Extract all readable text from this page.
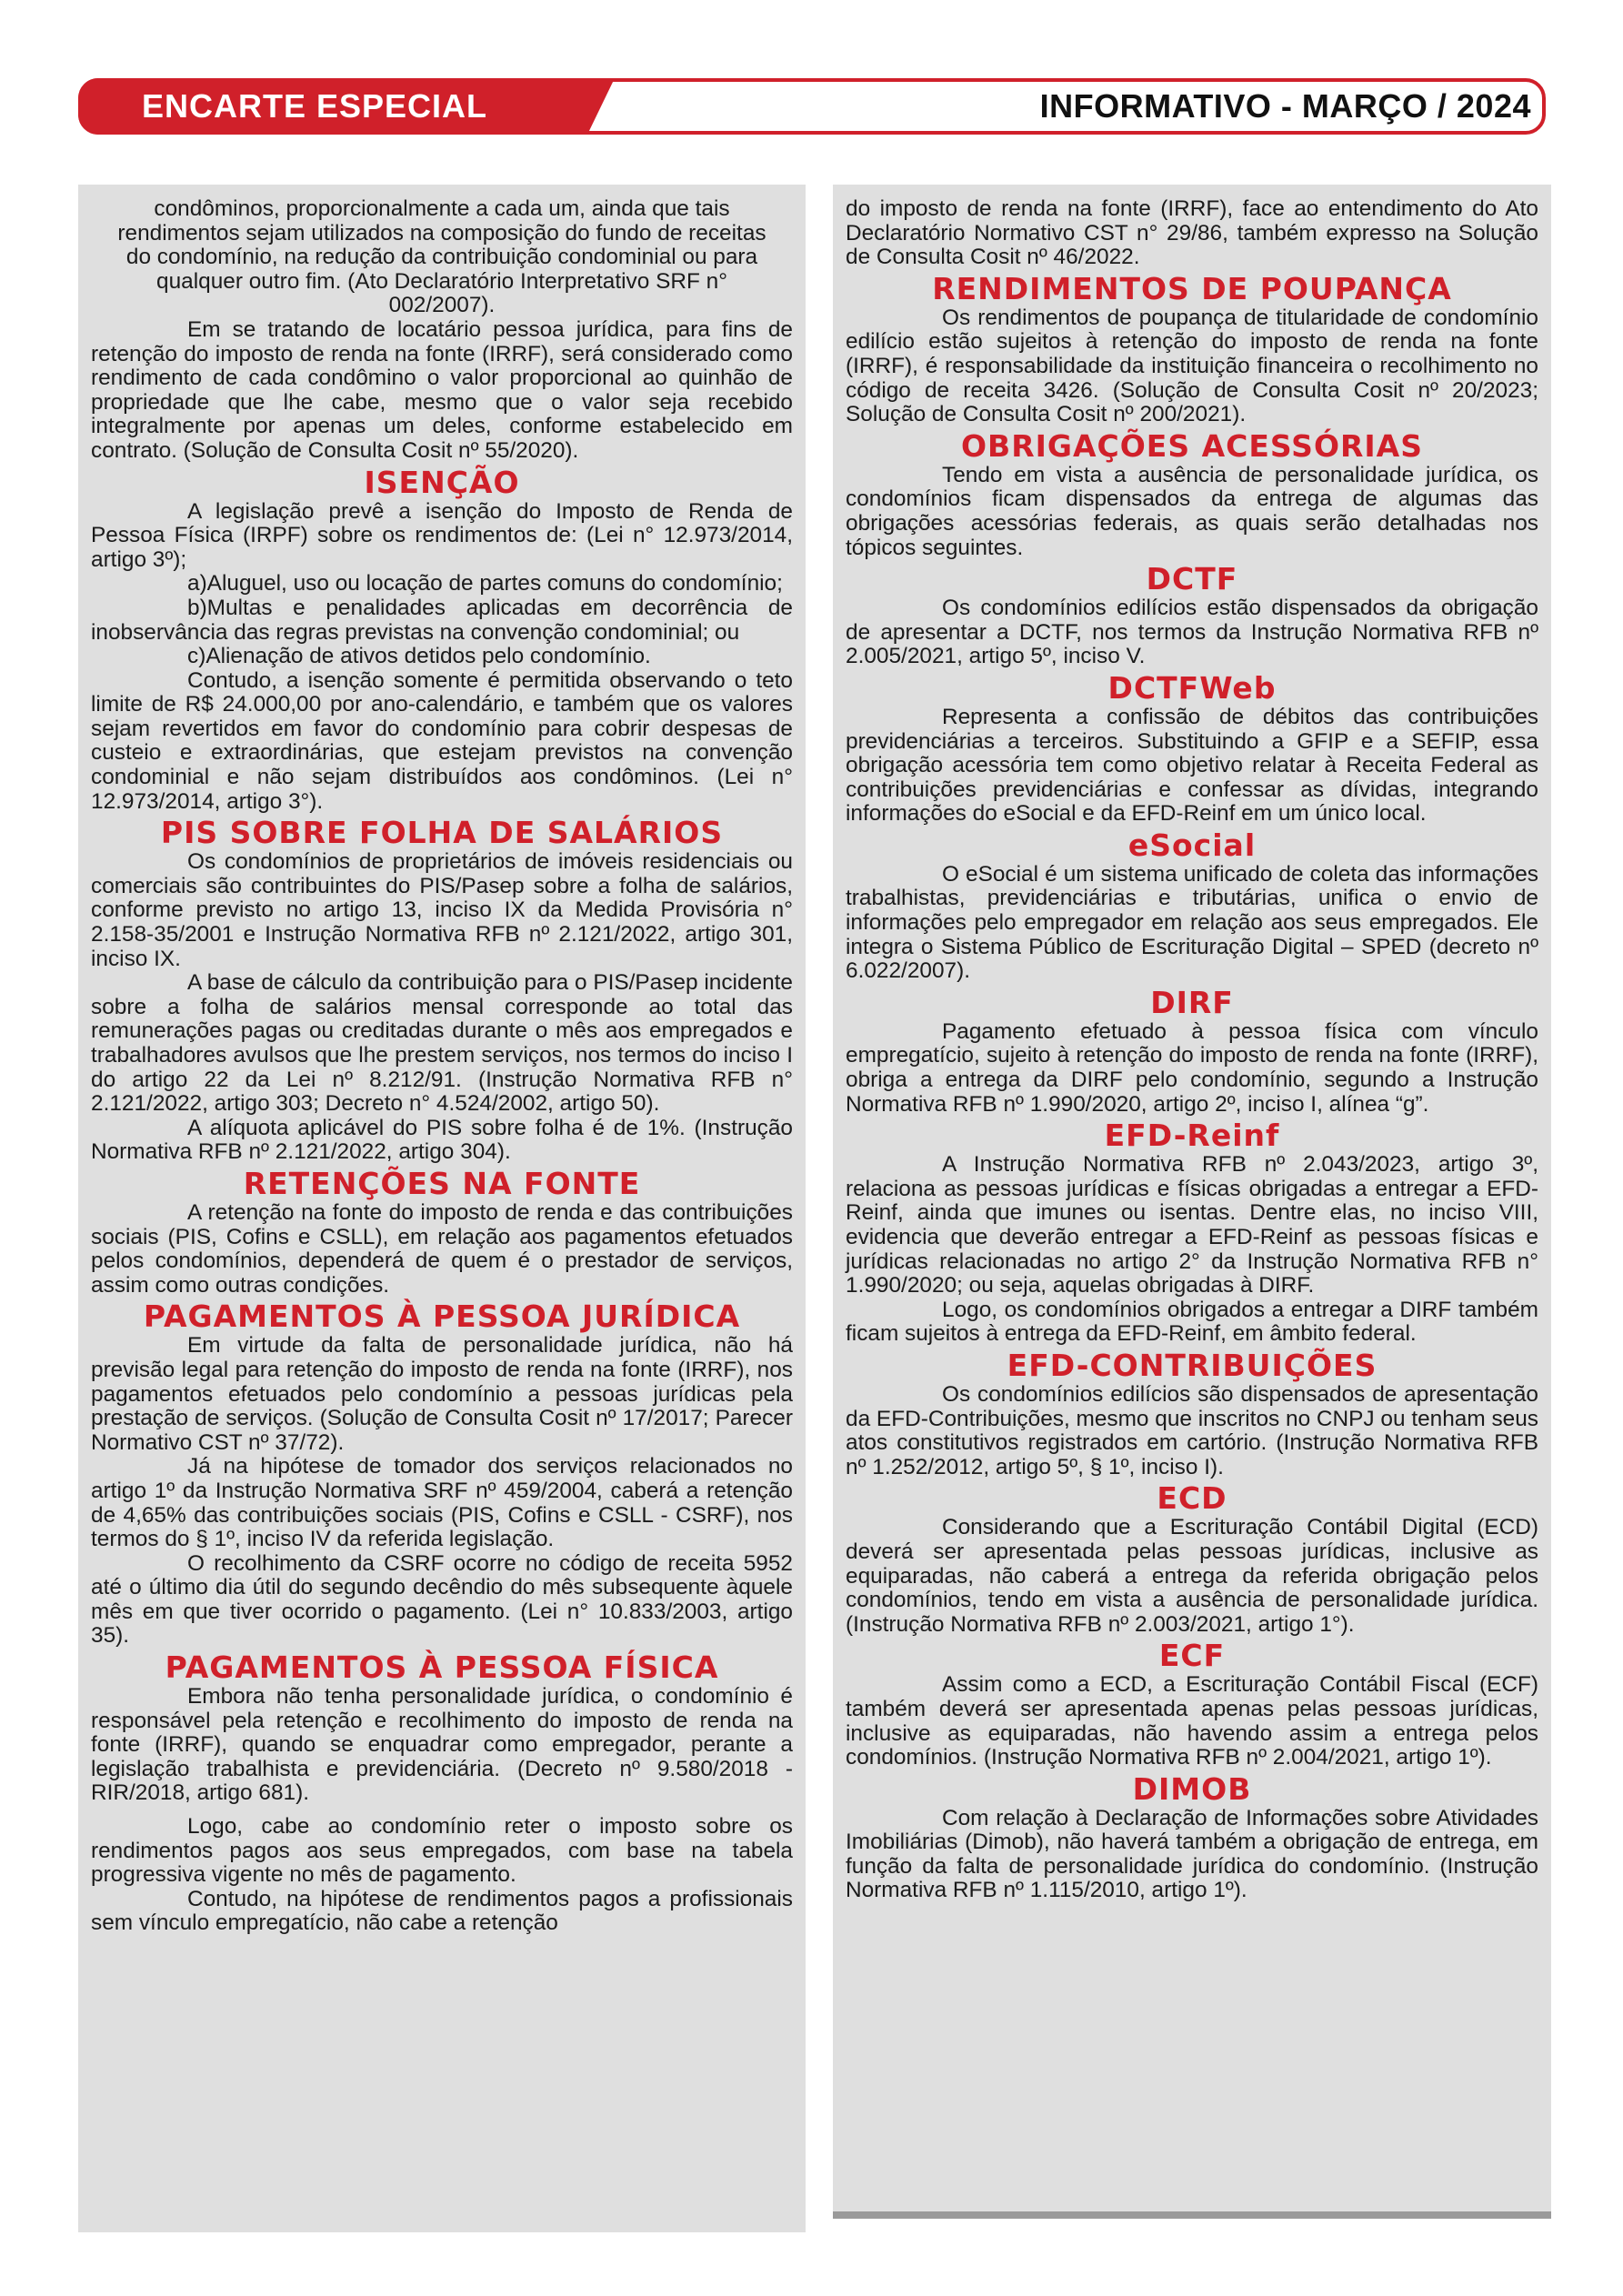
ENCARTE ESPECIAL	INFORMATIVO - MARÇO / 2024

condôminos, proporcionalmente a cada um, ainda que tais rendimentos sejam utilizados na composição do fundo de receitas do condomínio, na redução da contribuição condominial ou para qualquer outro fim. (Ato Declaratório Interpretativo SRF n° 002/2007).

Em se tratando de locatário pessoa jurídica, para fins de retenção do imposto de renda na fonte (IRRF), será considerado como rendimento de cada condômino o valor proporcional ao quinhão de propriedade que lhe cabe, mesmo que o valor seja recebido integralmente por apenas um deles, conforme estabelecido em contrato. (Solução de Consulta Cosit nº 55/2020).

ISENÇÃO

A legislação prevê a isenção do Imposto de Renda de Pessoa Física (IRPF) sobre os rendimentos de: (Lei n° 12.973/2014, artigo 3º);

a)Aluguel, uso ou locação de partes comuns do condomínio;

b)Multas e penalidades aplicadas em decorrência de inobservância das regras previstas na convenção condominial; ou

c)Alienação de ativos detidos pelo condomínio.

Contudo, a isenção somente é permitida observando o teto limite de R$ 24.000,00 por ano-calendário, e também que os valores sejam revertidos em favor do condomínio para cobrir despesas de custeio e extraordinárias, que estejam previstos na convenção condominial e não sejam distribuídos aos condôminos. (Lei n° 12.973/2014, artigo 3°).

PIS SOBRE FOLHA DE SALÁRIOS

Os condomínios de proprietários de imóveis residenciais ou comerciais são contribuintes do PIS/Pasep sobre a folha de salários, conforme previsto no artigo 13, inciso IX da Medida Provisória n° 2.158-35/2001 e Instrução Normativa RFB nº 2.121/2022, artigo 301, inciso IX.

A base de cálculo da contribuição para o PIS/Pasep incidente sobre a folha de salários mensal corresponde ao total das remunerações pagas ou creditadas durante o mês aos empregados e trabalhadores avulsos que lhe prestem serviços, nos termos do inciso I do artigo 22 da Lei nº 8.212/91. (Instrução Normativa RFB n° 2.121/2022, artigo 303; Decreto n° 4.524/2002, artigo 50).

A alíquota aplicável do PIS sobre folha é de 1%. (Instrução Normativa RFB nº 2.121/2022, artigo 304).

RETENÇÕES NA FONTE

A retenção na fonte do imposto de renda e das contribuições sociais (PIS, Cofins e CSLL), em relação aos pagamentos efetuados pelos condomínios, dependerá de quem é o prestador de serviços, assim como outras condições.

PAGAMENTOS À PESSOA JURÍDICA

Em virtude da falta de personalidade jurídica, não há previsão legal para retenção do imposto de renda na fonte (IRRF), nos pagamentos efetuados pelo condomínio a pessoas jurídicas pela prestação de serviços. (Solução de Consulta Cosit nº 17/2017; Parecer Normativo CST nº 37/72).

Já na hipótese de tomador dos serviços relacionados no artigo 1º da Instrução Normativa SRF nº 459/2004, caberá a retenção de 4,65% das contribuições sociais (PIS, Cofins e CSLL - CSRF), nos termos do § 1º, inciso IV da referida legislação.

O recolhimento da CSRF ocorre no código de receita 5952 até o último dia útil do segundo decêndio do mês subsequente àquele mês em que tiver ocorrido o pagamento. (Lei n° 10.833/2003, artigo 35).

PAGAMENTOS À PESSOA FÍSICA

Embora não tenha personalidade jurídica, o condomínio é responsável pela retenção e recolhimento do imposto de renda na fonte (IRRF), quando se enquadrar como empregador, perante a legislação trabalhista e previdenciária. (Decreto nº 9.580/2018 - RIR/2018, artigo 681).

Logo, cabe ao condomínio reter o imposto sobre os rendimentos pagos aos seus empregados, com base na tabela progressiva vigente no mês de pagamento.

Contudo, na hipótese de rendimentos pagos a profissionais sem vínculo empregatício, não cabe a retenção

do imposto de renda na fonte (IRRF), face ao entendimento do Ato Declaratório Normativo CST n° 29/86, também expresso na Solução de Consulta Cosit nº 46/2022.

RENDIMENTOS DE POUPANÇA

Os rendimentos de poupança de titularidade de condomínio edilício estão sujeitos à retenção do imposto de renda na fonte (IRRF), é responsabilidade da instituição financeira o recolhimento no código de receita 3426. (Solução de Consulta Cosit nº 20/2023; Solução de Consulta Cosit nº 200/2021).

OBRIGAÇÕES ACESSÓRIAS

Tendo em vista a ausência de personalidade jurídica, os condomínios ficam dispensados da entrega de algumas das obrigações acessórias federais, as quais serão detalhadas nos tópicos seguintes.

DCTF

Os condomínios edilícios estão dispensados da obrigação de apresentar a DCTF, nos termos da Instrução Normativa RFB nº 2.005/2021, artigo 5º, inciso V.

DCTFWeb

Representa a confissão de débitos das contribuições previdenciárias a terceiros. Substituindo a GFIP e a SEFIP, essa obrigação acessória tem como objetivo relatar à Receita Federal as contribuições previdenciárias e confessar as dívidas, integrando informações do eSocial e da EFD-Reinf em um único local.

eSocial

O eSocial é um sistema unificado de coleta das informações trabalhistas, previdenciárias e tributárias, unifica o envio de informações pelo empregador em relação aos seus empregados. Ele integra o Sistema Público de Escrituração Digital – SPED (decreto nº 6.022/2007).

DIRF

Pagamento efetuado à pessoa física com vínculo empregatício, sujeito à retenção do imposto de renda na fonte (IRRF), obriga a entrega da DIRF pelo condomínio, segundo a Instrução Normativa RFB nº 1.990/2020, artigo 2º, inciso I, alínea “g”.

EFD-Reinf

A Instrução Normativa RFB nº 2.043/2023, artigo 3º, relaciona as pessoas jurídicas e físicas obrigadas a entregar a EFD-Reinf, ainda que imunes ou isentas. Dentre elas, no inciso VIII, evidencia que deverão entregar a EFD-Reinf as pessoas físicas e jurídicas relacionadas no artigo 2° da Instrução Normativa RFB n° 1.990/2020; ou seja, aquelas obrigadas à DIRF.

Logo, os condomínios obrigados a entregar a DIRF também ficam sujeitos à entrega da EFD-Reinf, em âmbito federal.

EFD-CONTRIBUIÇÕES

Os condomínios edilícios são dispensados de apresentação da EFD-Contribuições, mesmo que inscritos no CNPJ ou tenham seus atos constitutivos registrados em cartório. (Instrução Normativa RFB nº 1.252/2012, artigo 5º, § 1º, inciso I).

ECD

Considerando que a Escrituração Contábil Digital (ECD) deverá ser apresentada pelas pessoas jurídicas, inclusive as equiparadas, não caberá a entrega da referida obrigação pelos condomínios, tendo em vista a ausência de personalidade jurídica. (Instrução Normativa RFB nº 2.003/2021, artigo 1°).

ECF

Assim como a ECD, a Escrituração Contábil Fiscal (ECF) também deverá ser apresentada apenas pelas pessoas jurídicas, inclusive as equiparadas, não havendo assim a entrega pelos condomínios. (Instrução Normativa RFB nº 2.004/2021, artigo 1º).

DIMOB

Com relação à Declaração de Informações sobre Atividades Imobiliárias (Dimob), não haverá também a obrigação de entrega, em função da falta de personalidade jurídica do condomínio. (Instrução Normativa RFB nº 1.115/2010, artigo 1º).
